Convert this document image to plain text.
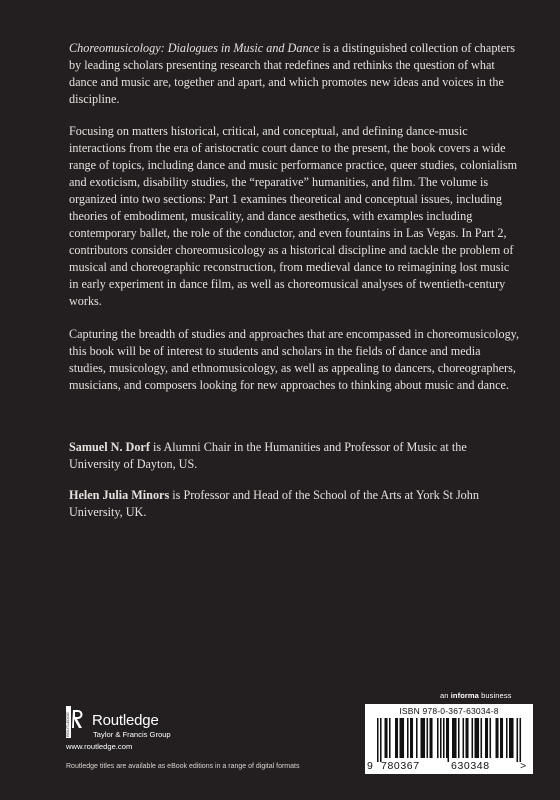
Choreomusicology: Dialogues in Music and Dance is a distinguished collection of chapters by leading scholars presenting research that redefines and rethinks the question of what dance and music are, together and apart, and which promotes new ideas and voices in the discipline.

Focusing on matters historical, critical, and conceptual, and defining dance-music interactions from the era of aristocratic court dance to the present, the book covers a wide range of topics, including dance and music performance practice, queer studies, colonialism and exoticism, disability studies, the “reparative” humanities, and film. The volume is organized into two sections: Part 1 examines theoretical and conceptual issues, including theories of embodiment, musicality, and dance aesthetics, with examples including contemporary ballet, the role of the conductor, and even fountains in Las Vegas. In Part 2, contributors consider choreomusicology as a historical discipline and tackle the problem of musical and choreographic reconstruction, from medieval dance to reimagining lost music in early experiment in dance film, as well as choreomusical analyses of twentieth-century works.

Capturing the breadth of studies and approaches that are encompassed in choreomusicology, this book will be of interest to students and scholars in the fields of dance and media studies, musicology, and ethnomusicology, as well as appealing to dancers, choreographers, musicians, and composers looking for new approaches to thinking about music and dance.

Samuel N. Dorf is Alumni Chair in the Humanities and Professor of Music at the University of Dayton, US.

Helen Julia Minors is Professor and Head of the School of the Arts at York St John University, UK.

an informa business
ROUTLEDGE Routledge
Taylor & Francis Group
www.routledge.com
ISBN 978-0-367-63034-8
9 780367	630348	>
Routledge titles are available as eBook editions in a range of digital formats
